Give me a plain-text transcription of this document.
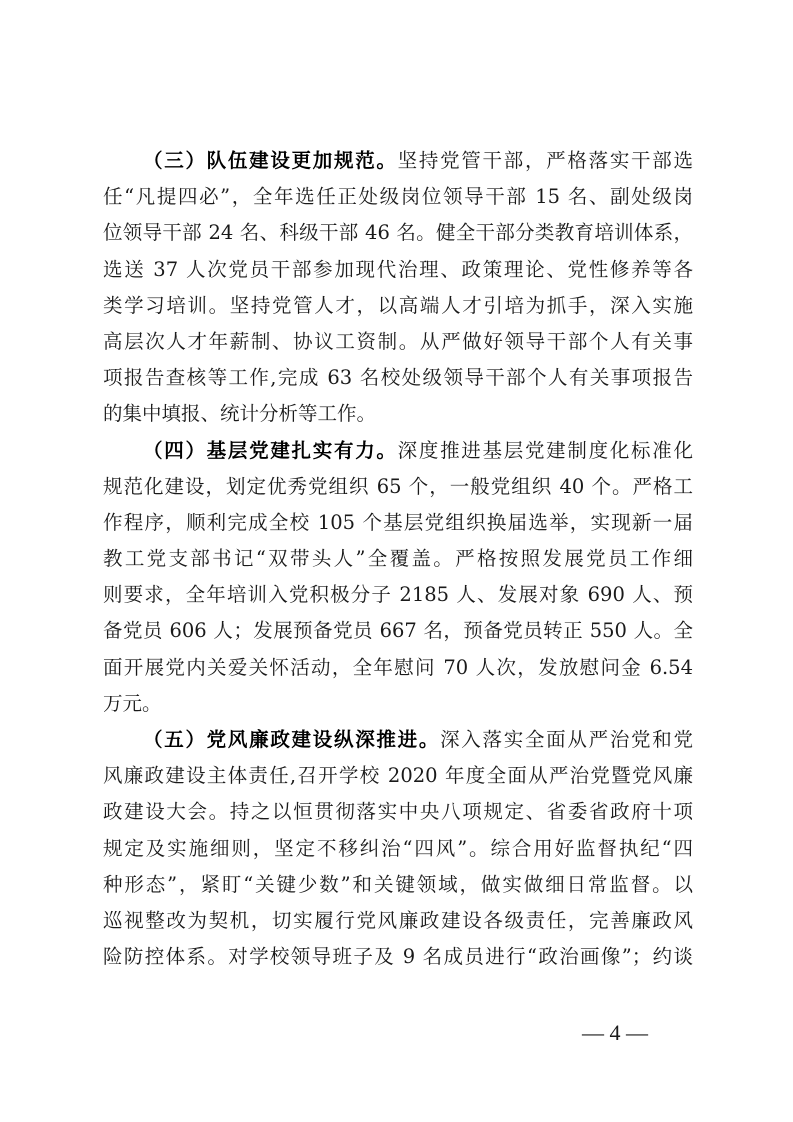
（三）队伍建设更加规范。坚持党管干部，严格落实干部选
任“凡提四必”，全年选任正处级岗位领导干部 15 名、副处级岗
位领导干部 24 名、科级干部 46 名。健全干部分类教育培训体系，
选送 37 人次党员干部参加现代治理、政策理论、党性修养等各
类学习培训。坚持党管人才，以高端人才引培为抓手，深入实施
高层次人才年薪制、协议工资制。从严做好领导干部个人有关事
项报告查核等工作,完成 63 名校处级领导干部个人有关事项报告
的集中填报、统计分析等工作。
（四）基层党建扎实有力。深度推进基层党建制度化标准化
规范化建设，划定优秀党组织 65 个，一般党组织 40 个。严格工
作程序，顺利完成全校 105 个基层党组织换届选举，实现新一届
教工党支部书记“双带头人”全覆盖。严格按照发展党员工作细
则要求，全年培训入党积极分子 2185 人、发展对象 690 人、预
备党员 606 人；发展预备党员 667 名，预备党员转正 550 人。全
面开展党内关爱关怀活动，全年慰问 70 人次，发放慰问金 6.54
万元。
（五）党风廉政建设纵深推进。深入落实全面从严治党和党
风廉政建设主体责任,召开学校 2020 年度全面从严治党暨党风廉
政建设大会。持之以恒贯彻落实中央八项规定、省委省政府十项
规定及实施细则，坚定不移纠治“四风”。综合用好监督执纪“四
种形态”，紧盯“关键少数”和关键领域，做实做细日常监督。以
巡视整改为契机，切实履行党风廉政建设各级责任，完善廉政风
险防控体系。对学校领导班子及 9 名成员进行“政治画像”；约谈
— 4 —
